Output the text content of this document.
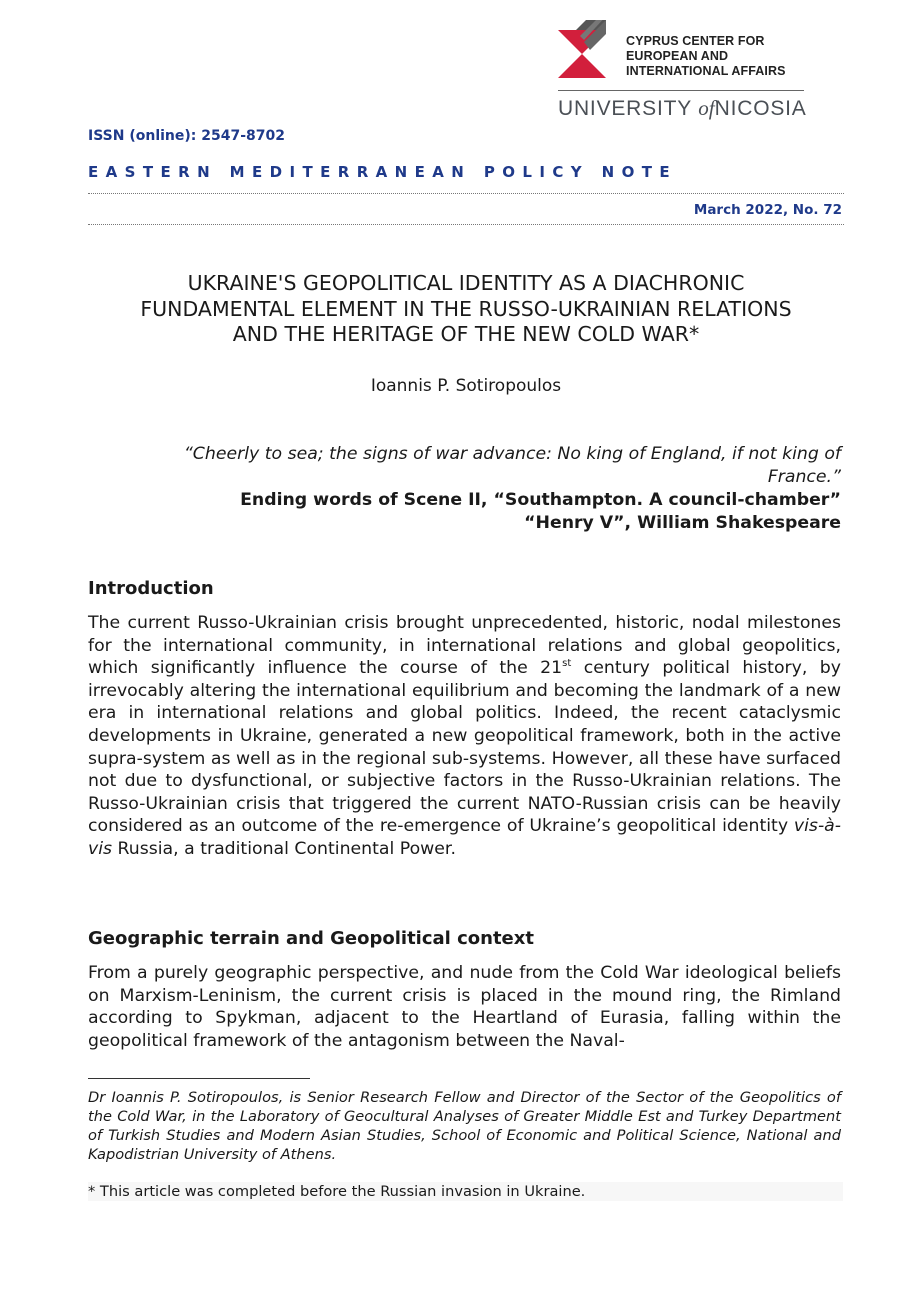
CYPRUS CENTER FOR
EUROPEAN AND
INTERNATIONAL AFFAIRS
UNIVERSITY ofNICOSIA
ISSN (online): 2547-8702
EASTERN MEDITERRANEAN POLICY NOTE
March 2022, No. 72
UKRAINE'S GEOPOLITICAL IDENTITY AS A DIACHRONIC
FUNDAMENTAL ELEMENT IN THE RUSSO-UKRAINIAN RELATIONS
AND THE HERITAGE OF THE NEW COLD WAR*
Ioannis P. Sotiropoulos
“Cheerly to sea; the signs of war advance: No king of England, if not king of
France.”
Ending words of Scene II, “Southampton. A council-chamber”
“Henry V”, William Shakespeare
Introduction

The current Russo-Ukrainian crisis brought unprecedented, historic, nodal milestones for the international community, in international relations and global geopolitics, which significantly influence the course of the 21st century political history, by irrevocably altering the international equilibrium and becoming the landmark of a new era in international relations and global politics. Indeed, the recent cataclysmic developments in Ukraine, generated a new geopolitical framework, both in the active supra-system as well as in the regional sub-systems. However, all these have surfaced not due to dysfunctional, or subjective factors in the Russo-Ukrainian relations. The Russo-Ukrainian crisis that triggered the current NATO-Russian crisis can be heavily considered as an outcome of the re-emergence of Ukraine’s geopolitical identity vis-à-vis Russia, a traditional Continental Power.

Geographic terrain and Geopolitical context

From a purely geographic perspective, and nude from the Cold War ideological beliefs on Marxism-Leninism, the current crisis is placed in the mound ring, the Rimland according to Spykman, adjacent to the Heartland of Eurasia, falling within the geopolitical framework of the antagonism between the Naval-

Dr Ioannis P. Sotiropoulos, is Senior Research Fellow and Director of the Sector of the Geopolitics of the Cold War, in the Laboratory of Geocultural Analyses of Greater Middle Est and Turkey Department of Turkish Studies and Modern Asian Studies, School of Economic and Political Science, National and Kapodistrian University of Athens.

* This article was completed before the Russian invasion in Ukraine.
